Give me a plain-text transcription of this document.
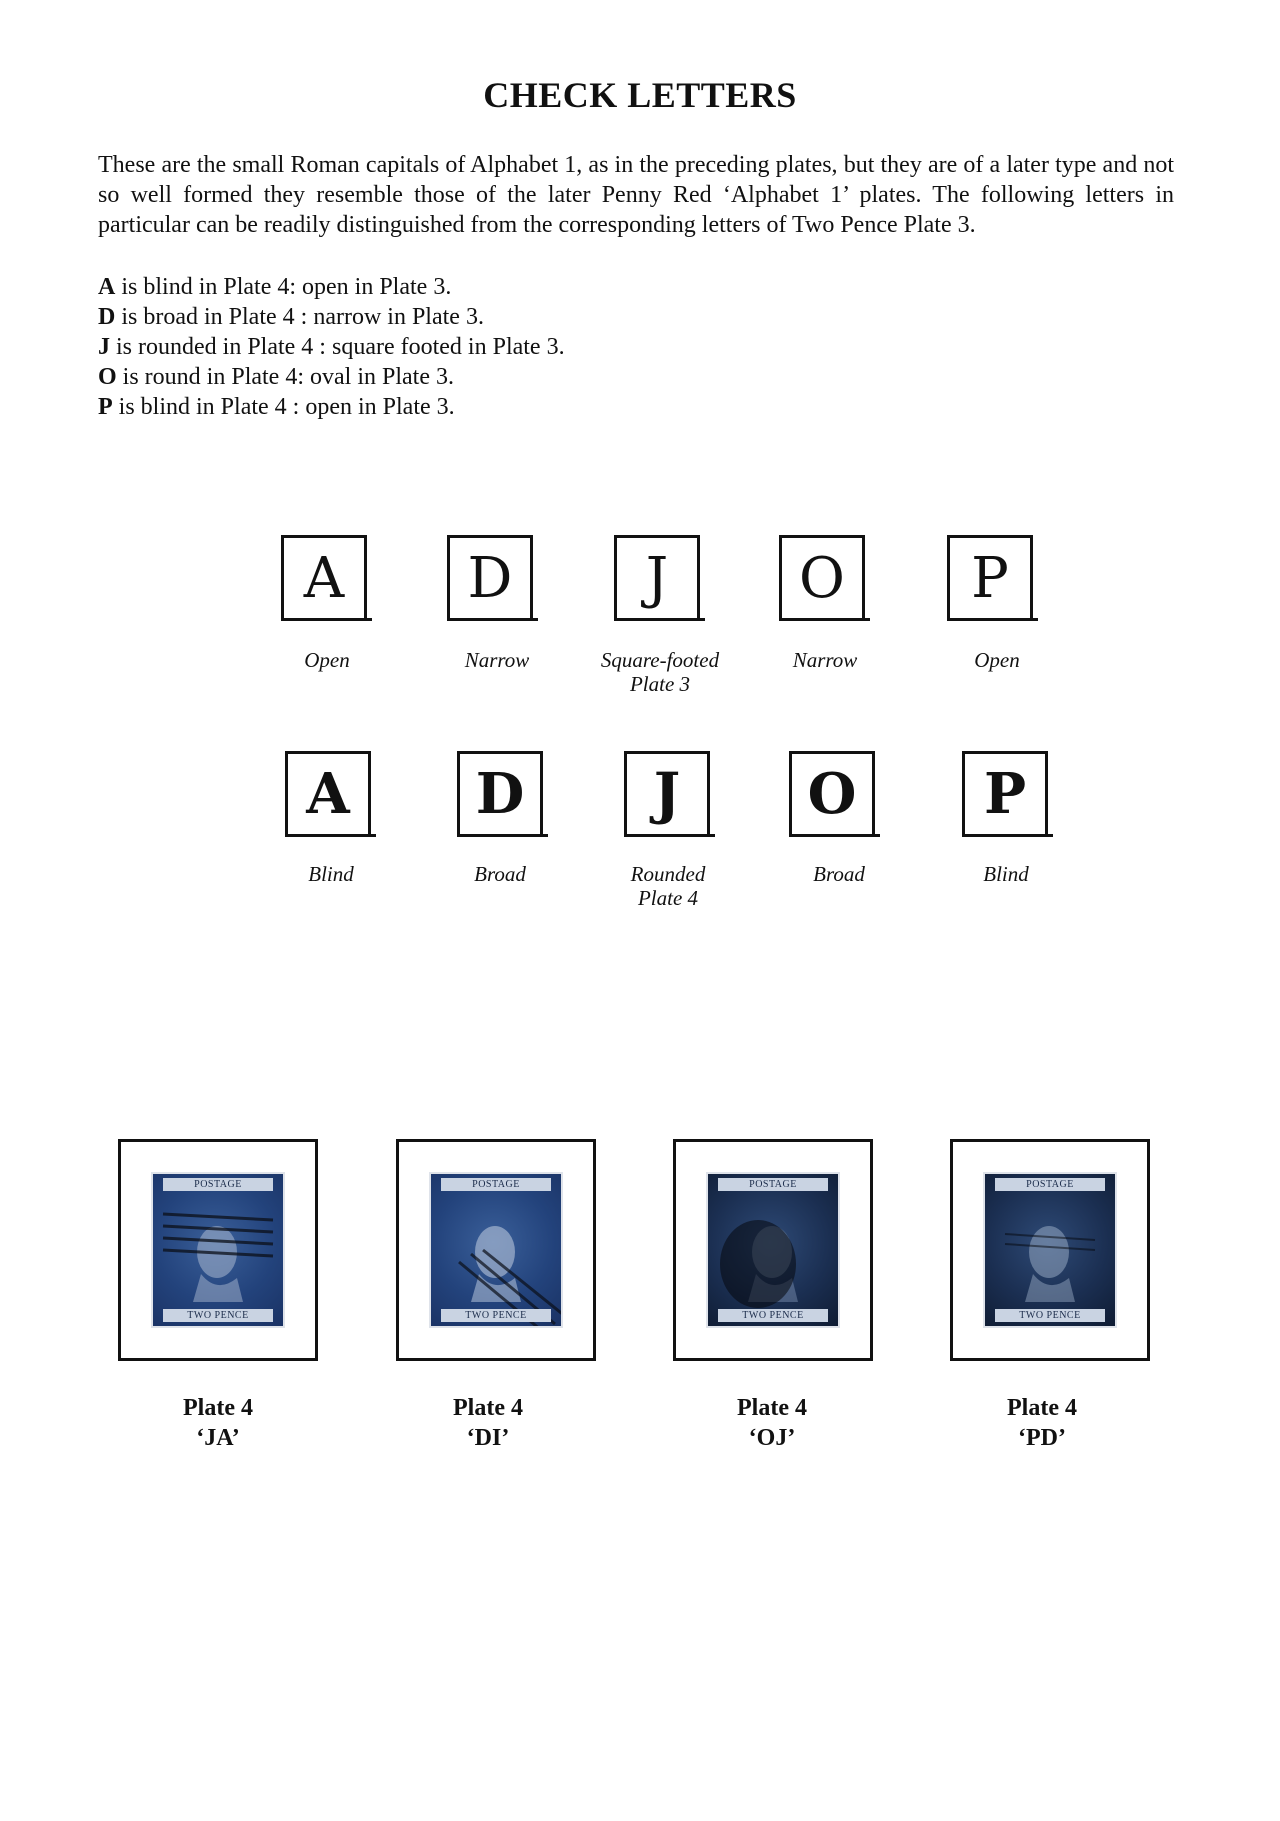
CHECK LETTERS

These are the small Roman capitals of Alphabet 1, as in the preceding plates, but they are of a later type and not so well formed they resemble those of the later Penny Red ‘Alphabet 1’ plates. The following letters in particular can be readily distinguished from the corresponding letters of Two Pence Plate 3.

A is blind in Plate 4: open in Plate 3.
D is broad in Plate 4 : narrow in Plate 3.
J is rounded in Plate 4 : square footed in Plate 3.
O is round in Plate 4: oval in Plate 3.
P is blind in Plate 4 : open in Plate 3.
A	D	J	O	P
Open	Narrow	Square-footed	Narrow	Open
Plate 3
A	D	J	O	P
Blind	Broad	Rounded	Broad	Blind
Plate 4
POSTAGE
TWO PENCE
POSTAGE
TWO PENCE
POSTAGE
TWO PENCE
POSTAGE
TWO PENCE
Plate 4
‘JA’
Plate 4
‘DI’
Plate 4
‘OJ’
Plate 4
‘PD’
